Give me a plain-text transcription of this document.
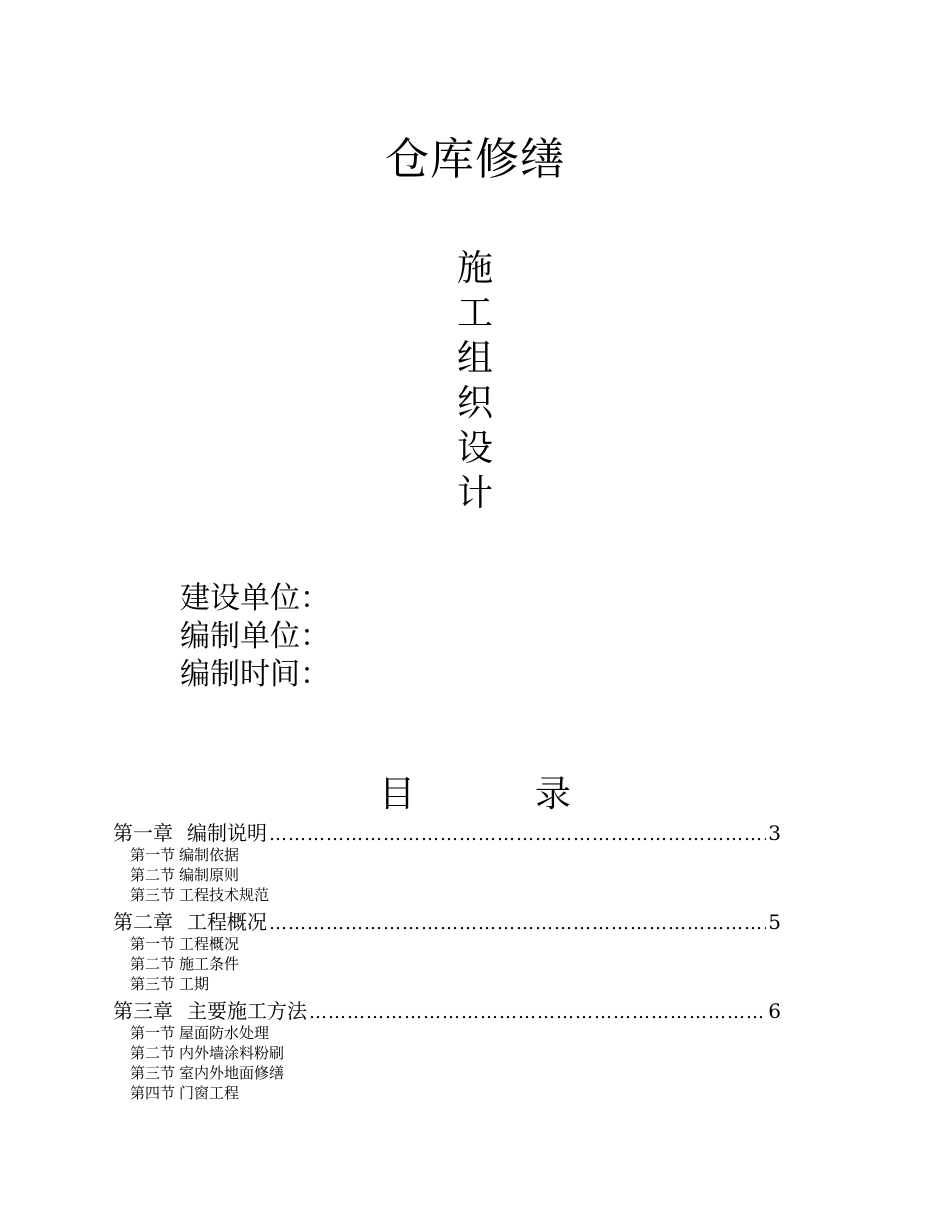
仓库修缮
施
工
组
织
设
计
建设单位：
编制单位：
编制时间：
目	录
第一章 编制说明 …………………………………………………………………………………………………………………………	3
第一节 编制依据
第二节 编制原则
第三节 工程技术规范
第二章 工程概况 …………………………………………………………………………………………………………………………	5
第一节 工程概况
第二节 施工条件
第三节 工期
第三章 主要施工方法 …………………………………………………………………………………………………………………………	6
第一节 屋面防水处理
第二节 内外墙涂料粉刷
第三节 室内外地面修缮
第四节 门窗工程
